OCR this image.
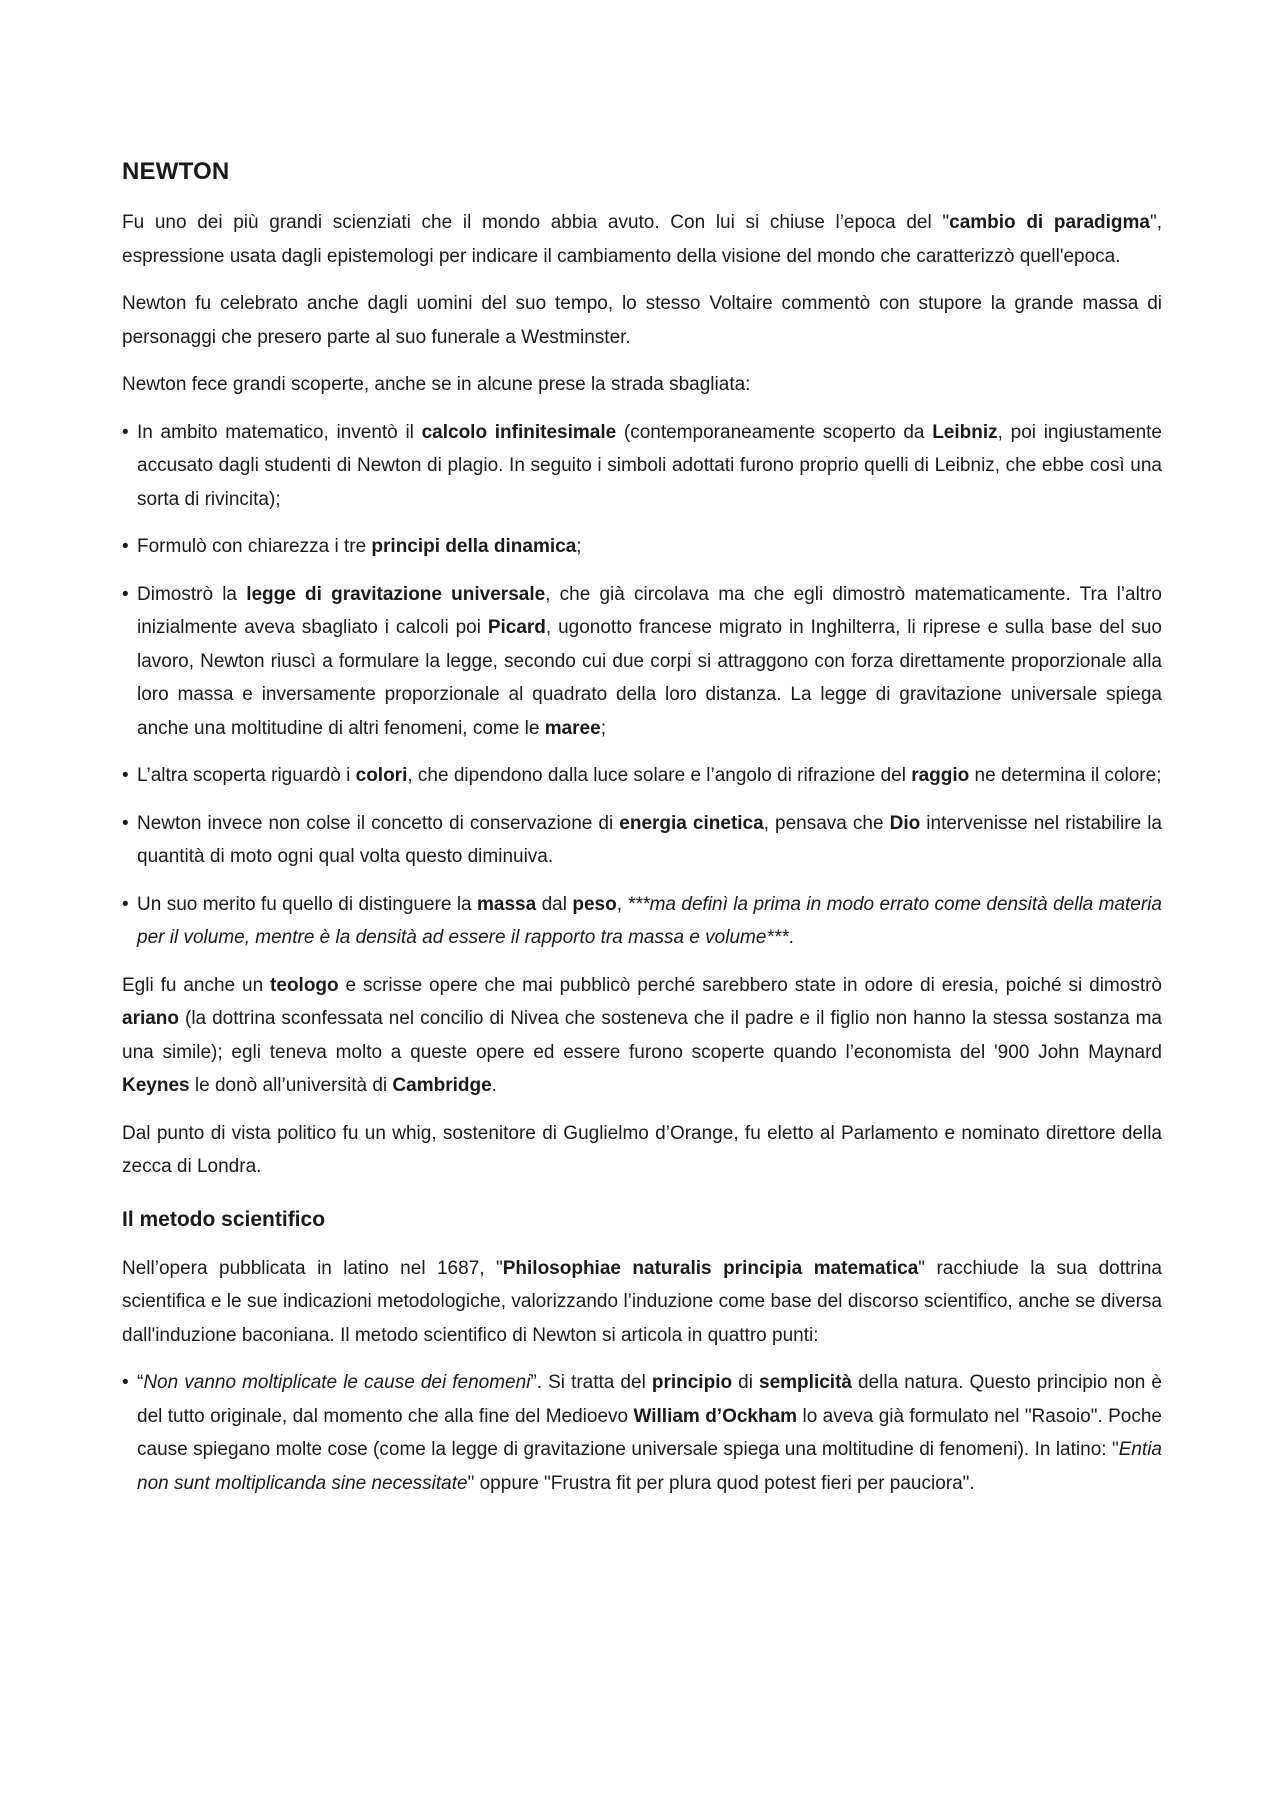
NEWTON

Fu uno dei più grandi scienziati che il mondo abbia avuto. Con lui si chiuse l’epoca del "cambio di paradigma", espressione usata dagli epistemologi per indicare il cambiamento della visione del mondo che caratterizzò quell'epoca.

Newton fu celebrato anche dagli uomini del suo tempo, lo stesso Voltaire commentò con stupore la grande massa di personaggi che presero parte al suo funerale a Westminster.

Newton fece grandi scoperte, anche se in alcune prese la strada sbagliata:

• In ambito matematico, inventò il calcolo infinitesimale (contemporaneamente scoperto da Leibniz, poi ingiustamente accusato dagli studenti di Newton di plagio. In seguito i simboli adottati furono proprio quelli di Leibniz, che ebbe così una sorta di rivincita);
• Formulò con chiarezza i tre principi della dinamica;
• Dimostrò la legge di gravitazione universale, che già circolava ma che egli dimostrò matematicamente. Tra l’altro inizialmente aveva sbagliato i calcoli poi Picard, ugonotto francese migrato in Inghilterra, li riprese e sulla base del suo lavoro, Newton riuscì a formulare la legge, secondo cui due corpi si attraggono con forza direttamente proporzionale alla loro massa e inversamente proporzionale al quadrato della loro distanza. La legge di gravitazione universale spiega anche una moltitudine di altri fenomeni, come le maree;
• L’altra scoperta riguardò i colori, che dipendono dalla luce solare e l’angolo di rifrazione del raggio ne determina il colore;
• Newton invece non colse il concetto di conservazione di energia cinetica, pensava che Dio intervenisse nel ristabilire la quantità di moto ogni qual volta questo diminuiva.
• Un suo merito fu quello di distinguere la massa dal peso, ***ma definì la prima in modo errato come densità della materia per il volume, mentre è la densità ad essere il rapporto tra massa e volume***.

Egli fu anche un teologo e scrisse opere che mai pubblicò perché sarebbero state in odore di eresia, poiché si dimostrò ariano (la dottrina sconfessata nel concilio di Nivea che sosteneva che il padre e il figlio non hanno la stessa sostanza ma una simile); egli teneva molto a queste opere ed essere furono scoperte quando l’economista del '900 John Maynard Keynes le donò all’università di Cambridge.

Dal punto di vista politico fu un whig, sostenitore di Guglielmo d’Orange, fu eletto al Parlamento e nominato direttore della zecca di Londra.

Il metodo scientifico

Nell’opera pubblicata in latino nel 1687, "Philosophiae naturalis principia matematica" racchiude la sua dottrina scientifica e le sue indicazioni metodologiche, valorizzando l’induzione come base del discorso scientifico, anche se diversa dall'induzione baconiana. Il metodo scientifico di Newton si articola in quattro punti:

• “Non vanno moltiplicate le cause dei fenomeni”. Si tratta del principio di semplicità della natura. Questo principio non è del tutto originale, dal momento che alla fine del Medioevo William d’Ockham lo aveva già formulato nel "Rasoio". Poche cause spiegano molte cose (come la legge di gravitazione universale spiega una moltitudine di fenomeni). In latino: "Entia non sunt moltiplicanda sine necessitate" oppure "Frustra fit per plura quod potest fieri per pauciora".
